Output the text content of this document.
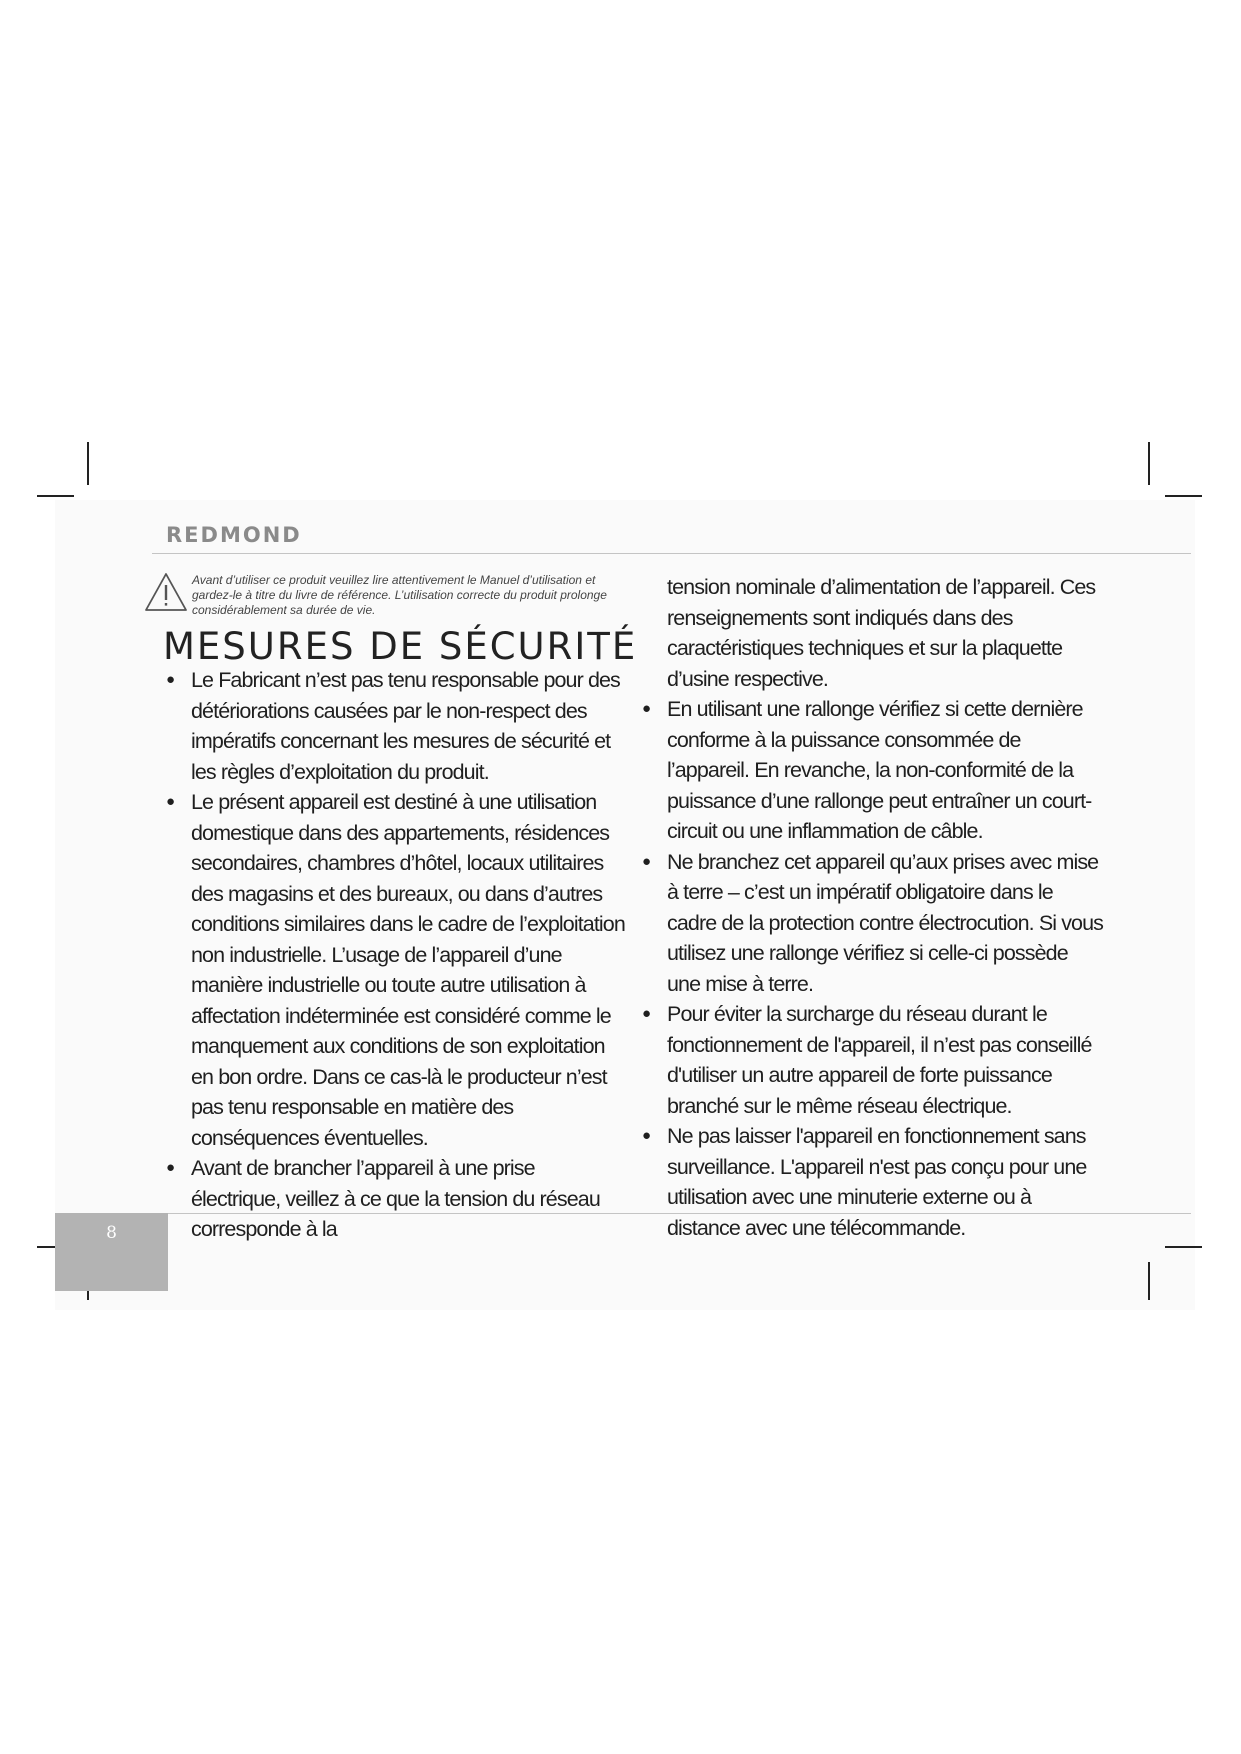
REDMOND
Avant d’utiliser ce produit veuillez lire attentivement le Manuel d’utilisation et gardez-le à titre du livre de référence. L’utilisation correcte du produit prolonge considérablement sa durée de vie.
MESURES DE SÉCURITÉ
● Le Fabricant n’est pas tenu responsable pour des détériorations causées par le non-respect des impératifs concernant les mesures de sécurité et les règles d’exploitation du produit.
● Le présent appareil est destiné à une utilisation domestique dans des appartements, résidences secondaires, chambres d’hôtel, locaux utilitaires des magasins et des bureaux, ou dans d’autres conditions similaires dans le cadre de l’exploitation non industrielle. L’usage de l’appareil d’une manière industrielle ou toute autre utilisation à affectation indéterminée est considéré comme le manquement aux conditions de son exploitation en bon ordre. Dans ce cas-là le producteur n’est pas tenu responsable en matière des conséquences éventuelles.
● Avant de brancher l’appareil à une prise électrique, veillez à ce que la tension du réseau corresponde à la
tension nominale d’alimentation de l’appareil. Ces renseignements sont indiqués dans des caractéristiques techniques et sur la plaquette d’usine respective.
● En utilisant une rallonge vérifiez si cette dernière conforme à la puissance consommée de l’appareil. En revanche, la non-conformité de la puissance d’une rallonge peut entraîner un court-circuit ou une inflammation de câble.
● Ne branchez cet appareil qu’aux prises avec mise à terre – c’est un impératif obligatoire dans le cadre de la protection contre électrocution. Si vous utilisez une rallonge vérifiez si celle-ci possède une mise à terre.
● Pour éviter la surcharge du réseau durant le fonctionnement de l'appareil, il n’est pas conseillé d'utiliser un autre appareil de forte puissance branché sur le même réseau électrique.
● Ne pas laisser l'appareil en fonctionnement sans surveillance. L'appareil n'est pas conçu pour une utilisation avec une minuterie externe ou à distance avec une télécommande.
8
